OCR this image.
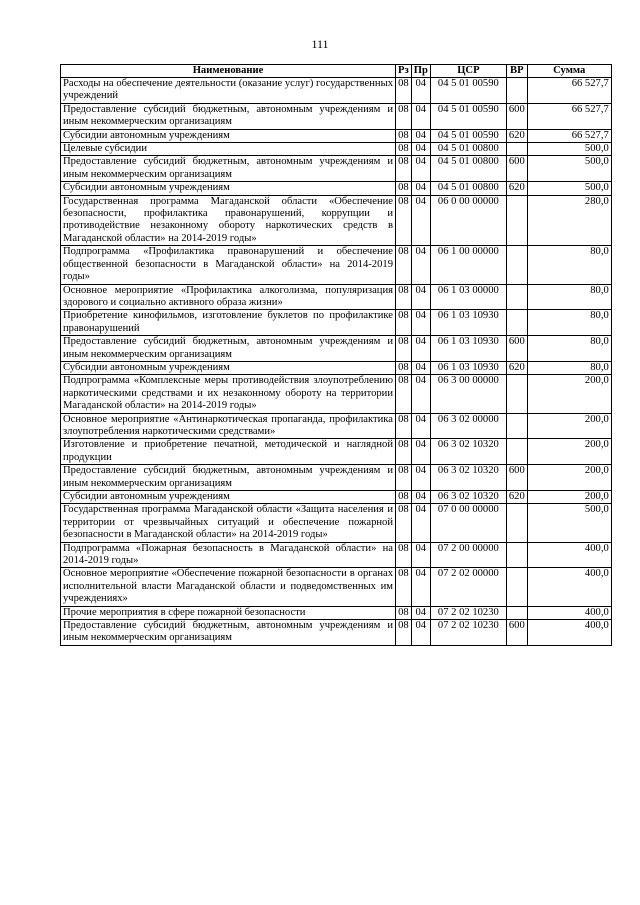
111
Наименование	Рз	Пр	ЦСР	ВР	Сумма
Расходы на обеспечение деятельности (оказание услуг) государственных учреждений	08	04	04 5 01 00590		66 527,7
Предоставление субсидий бюджетным, автономным учреждениям и иным некоммерческим организациям	08	04	04 5 01 00590	600	66 527,7
Субсидии автономным учреждениям	08	04	04 5 01 00590	620	66 527,7
Целевые субсидии	08	04	04 5 01 00800		500,0
Предоставление субсидий бюджетным, автономным учреждениям и иным некоммерческим организациям	08	04	04 5 01 00800	600	500,0
Субсидии автономным учреждениям	08	04	04 5 01 00800	620	500,0
Государственная программа Магаданской области «Обеспечение безопасности, профилактика правонарушений, коррупции и противодействие незаконному обороту наркотических средств в Магаданской области» на 2014-2019 годы»	08	04	06 0 00 00000		280,0
Подпрограмма «Профилактика правонарушений и обеспечение общественной безопасности в Магаданской области» на 2014-2019 годы»	08	04	06 1 00 00000		80,0
Основное мероприятие «Профилактика алкоголизма, популяризация здорового и социально активного образа жизни»	08	04	06 1 03 00000		80,0
Приобретение кинофильмов, изготовление буклетов по профилактике правонарушений	08	04	06 1 03 10930		80,0
Предоставление субсидий бюджетным, автономным учреждениям и иным некоммерческим организациям	08	04	06 1 03 10930	600	80,0
Субсидии автономным учреждениям	08	04	06 1 03 10930	620	80,0
Подпрограмма «Комплексные меры противодействия злоупотреблению наркотическими средствами и их незаконному обороту на территории Магаданской области» на 2014-2019 годы»	08	04	06 3 00 00000		200,0
Основное мероприятие «Антинаркотическая пропаганда, профилактика злоупотребления наркотическими средствами»	08	04	06 3 02 00000		200,0
Изготовление и приобретение печатной, методической и наглядной продукции	08	04	06 3 02 10320		200,0
Предоставление субсидий бюджетным, автономным учреждениям и иным некоммерческим организациям	08	04	06 3 02 10320	600	200,0
Субсидии автономным учреждениям	08	04	06 3 02 10320	620	200,0
Государственная программа Магаданской области «Защита населения и территории от чрезвычайных ситуаций и обеспечение пожарной безопасности в Магаданской области» на 2014-2019 годы»	08	04	07 0 00 00000		500,0
Подпрограмма «Пожарная безопасность в Магаданской области» на 2014-2019 годы»	08	04	07 2 00 00000		400,0
Основное мероприятие «Обеспечение пожарной безопасности в органах исполнительной власти Магаданской области и подведомственных им учреждениях»	08	04	07 2 02 00000		400,0
Прочие мероприятия в сфере пожарной безопасности	08	04	07 2 02 10230		400,0
Предоставление субсидий бюджетным, автономным учреждениям и иным некоммерческим организациям	08	04	07 2 02 10230	600	400,0
